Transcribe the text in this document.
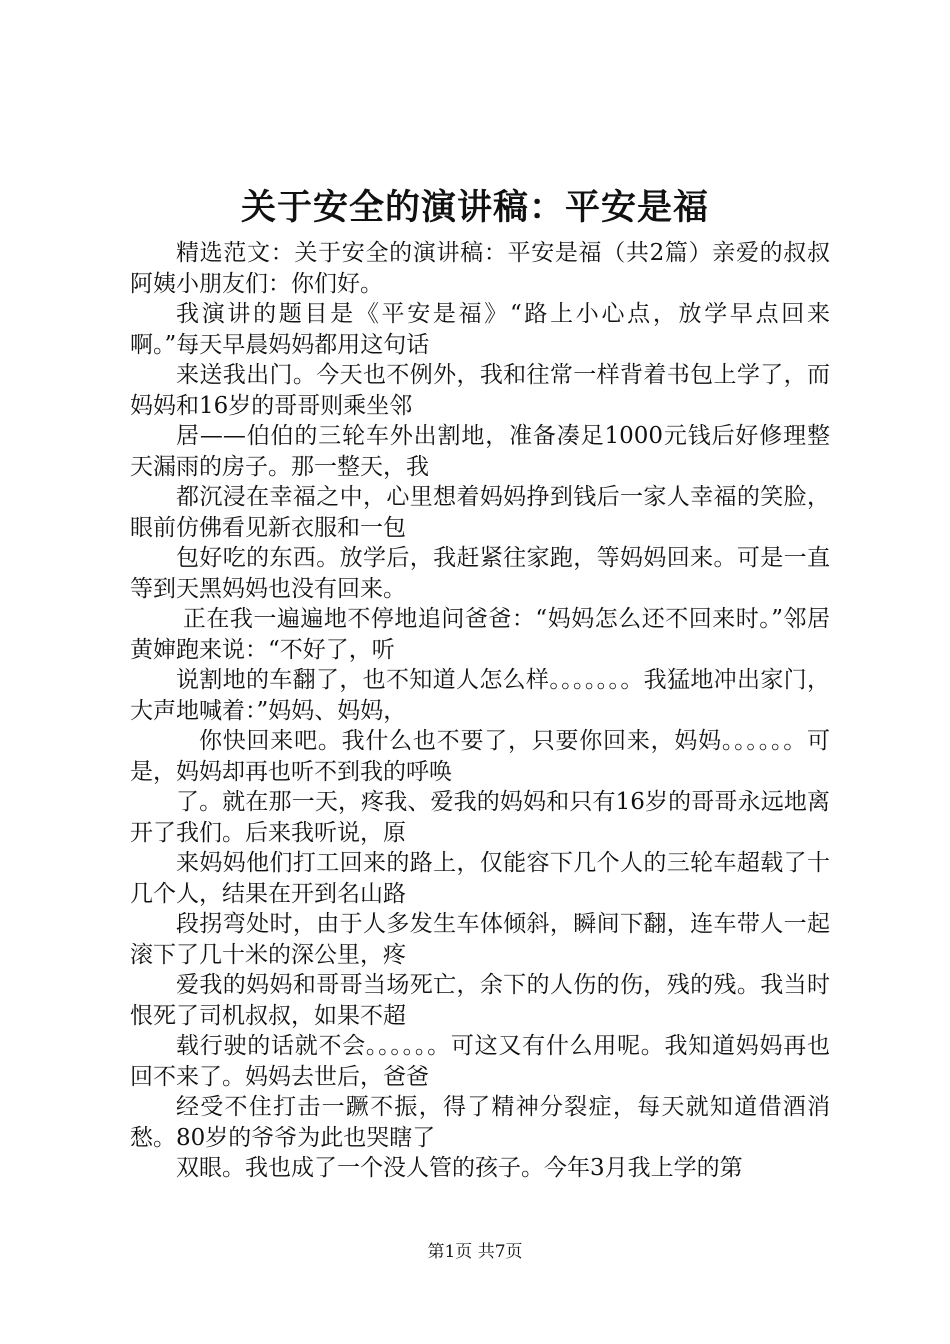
关于安全的演讲稿：平安是福

精选范文：关于安全的演讲稿：平安是福（共2篇）亲爱的叔叔阿姨小朋友们：你们好。

我演讲的题目是《平安是福》“路上小心点，放学早点回来啊。”每天早晨妈妈都用这句话

来送我出门。今天也不例外，我和往常一样背着书包上学了，而妈妈和16岁的哥哥则乘坐邻

居——伯伯的三轮车外出割地，准备凑足1000元钱后好修理整天漏雨的房子。那一整天，我

都沉浸在幸福之中，心里想着妈妈挣到钱后一家人幸福的笑脸，眼前仿佛看见新衣服和一包

包好吃的东西。放学后，我赶紧往家跑，等妈妈回来。可是一直等到天黑妈妈也没有回来。

正在我一遍遍地不停地追问爸爸：“妈妈怎么还不回来时。”邻居黄婶跑来说：“不好了，听

说割地的车翻了，也不知道人怎么样。。。。。。。我猛地冲出家门，大声地喊着：”妈妈、妈妈，

你快回来吧。我什么也不要了，只要你回来，妈妈。。。。。。可是，妈妈却再也听不到我的呼唤

了。就在那一天，疼我、爱我的妈妈和只有16岁的哥哥永远地离开了我们。后来我听说，原

来妈妈他们打工回来的路上，仅能容下几个人的三轮车超载了十几个人，结果在开到名山路

段拐弯处时，由于人多发生车体倾斜，瞬间下翻，连车带人一起滚下了几十米的深公里，疼

爱我的妈妈和哥哥当场死亡，余下的人伤的伤，残的残。我当时恨死了司机叔叔，如果不超

载行驶的话就不会。。。。。。可这又有什么用呢。我知道妈妈再也回不来了。妈妈去世后，爸爸

经受不住打击一蹶不振，得了精神分裂症，每天就知道借酒消愁。80岁的爷爷为此也哭瞎了

双眼。我也成了一个没人管的孩子。今年3月我上学的第

第1页 共7页
